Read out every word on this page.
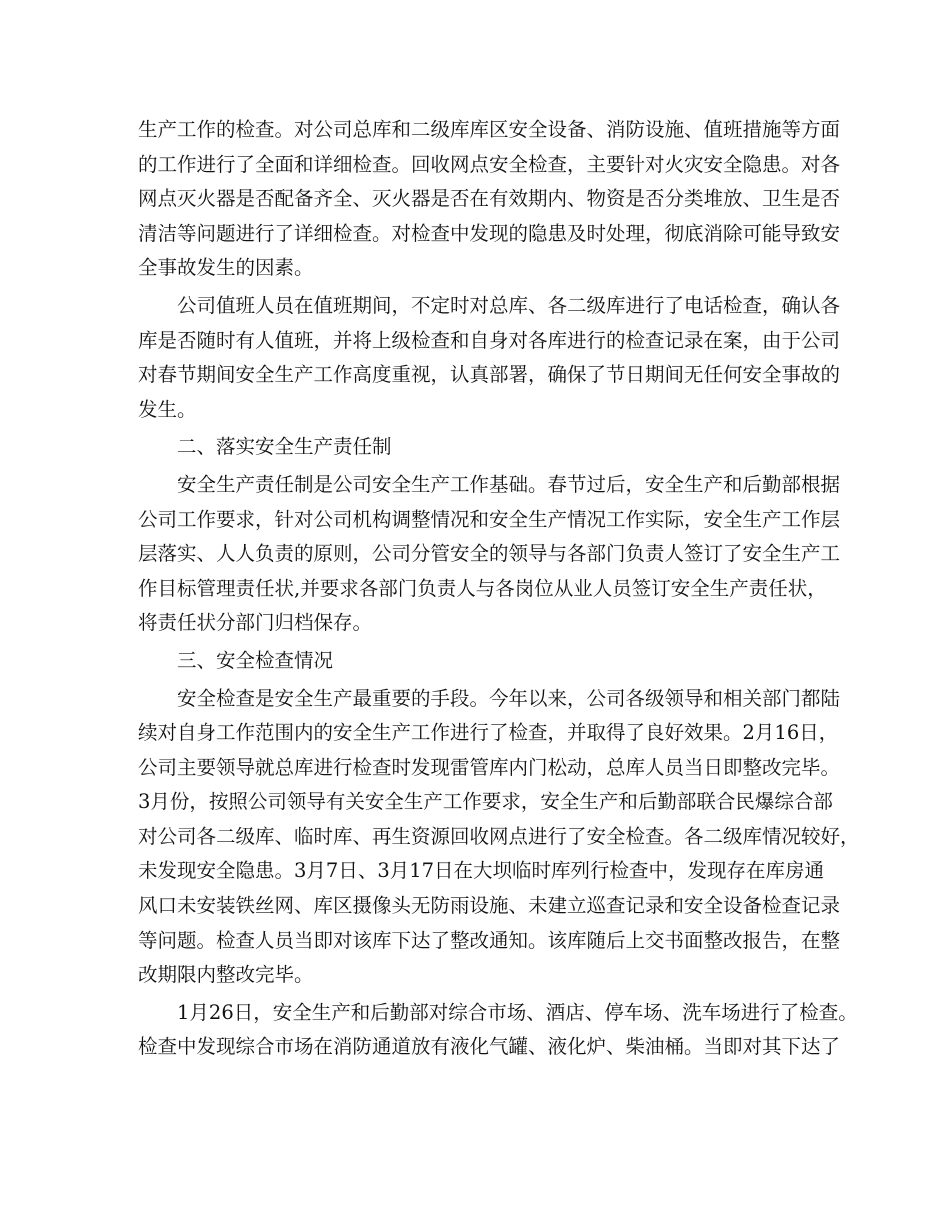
生产工作的检查。对公司总库和二级库库区安全设备、消防设施、值班措施等方面
的工作进行了全面和详细检查。回收网点安全检查，主要针对火灾安全隐患。对各
网点灭火器是否配备齐全、灭火器是否在有效期内、物资是否分类堆放、卫生是否
清洁等问题进行了详细检查。对检查中发现的隐患及时处理，彻底消除可能导致安
全事故发生的因素。

公司值班人员在值班期间，不定时对总库、各二级库进行了电话检查，确认各
库是否随时有人值班，并将上级检查和自身对各库进行的检查记录在案，由于公司
对春节期间安全生产工作高度重视，认真部署，确保了节日期间无任何安全事故的
发生。

二、落实安全生产责任制

安全生产责任制是公司安全生产工作基础。春节过后，安全生产和后勤部根据
公司工作要求，针对公司机构调整情况和安全生产情况工作实际，安全生产工作层
层落实、人人负责的原则，公司分管安全的领导与各部门负责人签订了安全生产工
作目标管理责任状,并要求各部门负责人与各岗位从业人员签订安全生产责任状，
将责任状分部门归档保存。

三、安全检查情况

安全检查是安全生产最重要的手段。今年以来，公司各级领导和相关部门都陆
续对自身工作范围内的安全生产工作进行了检查，并取得了良好效果。2月16日，
公司主要领导就总库进行检查时发现雷管库内门松动，总库人员当日即整改完毕。
3月份，按照公司领导有关安全生产工作要求，安全生产和后勤部联合民爆综合部
对公司各二级库、临时库、再生资源回收网点进行了安全检查。各二级库情况较好，
未发现安全隐患。3月7日、3月17日在大坝临时库列行检查中，发现存在库房通
风口未安装铁丝网、库区摄像头无防雨设施、未建立巡查记录和安全设备检查记录
等问题。检查人员当即对该库下达了整改通知。该库随后上交书面整改报告，在整
改期限内整改完毕。

1月26日，安全生产和后勤部对综合市场、酒店、停车场、洗车场进行了检查。
检查中发现综合市场在消防通道放有液化气罐、液化炉、柴油桶。当即对其下达了
